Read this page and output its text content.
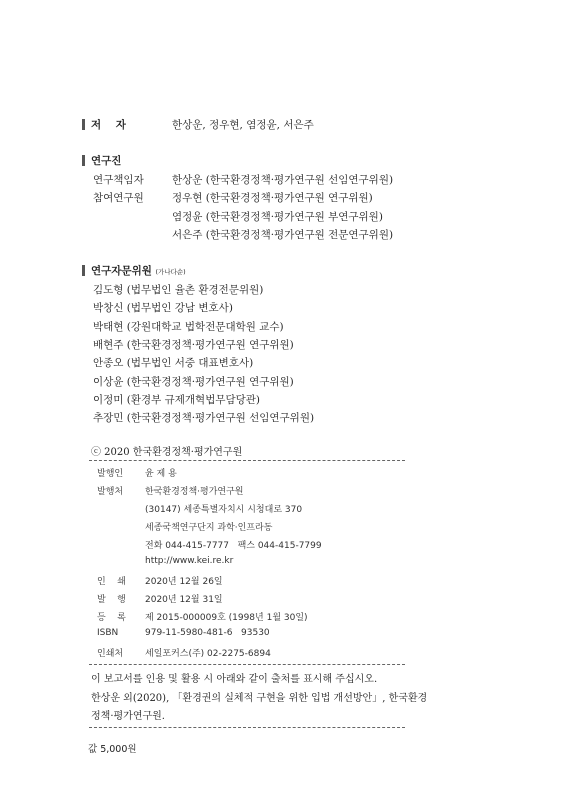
저    자	한상운, 정우현, 염정윤, 서은주
연구진
연구책임자	한상운 (한국환경정책·평가연구원 선임연구위원)
참여연구원	정우현 (한국환경정책·평가연구원 연구위원)
염정윤 (한국환경정책·평가연구원 부연구위원)
서은주 (한국환경정책·평가연구원 전문연구위원)
연구자문위원 (가나다순)
김도형 (법무법인 율촌 환경전문위원)
박창신 (법무법인 강남 변호사)
박태현 (강원대학교 법학전문대학원 교수)
배현주 (한국환경정책·평가연구원 연구위원)
안종오 (법무법인 서중 대표변호사)
이상윤 (한국환경정책·평가연구원 연구위원)
이정미 (환경부 규제개혁법무담당관)
추장민 (한국환경정책·평가연구원 선임연구위원)
ⓒ 2020 한국환경정책·평가연구원
발행인 윤 제 용
발행처 한국환경정책·평가연구원
(30147) 세종특별자치시 시청대로 370
세종국책연구단지 과학·인프라동
전화 044-415-7777   팩스 044-415-7799
http://www.kei.re.kr
인    쇄 2020년 12월 26일
발    행 2020년 12월 31일
등    록 제 2015-000009호 (1998년 1월 30일)
ISBN	979-11-5980-481-6   93530
인쇄처 세일포커스(주) 02-2275-6894
이 보고서를 인용 및 활용 시 아래와 같이 출처를 표시해 주십시오.
한상운 외(2020), 「환경권의 실체적 구현을 위한 입법 개선방안」, 한국환경
정책·평가연구원.
값 5,000원
